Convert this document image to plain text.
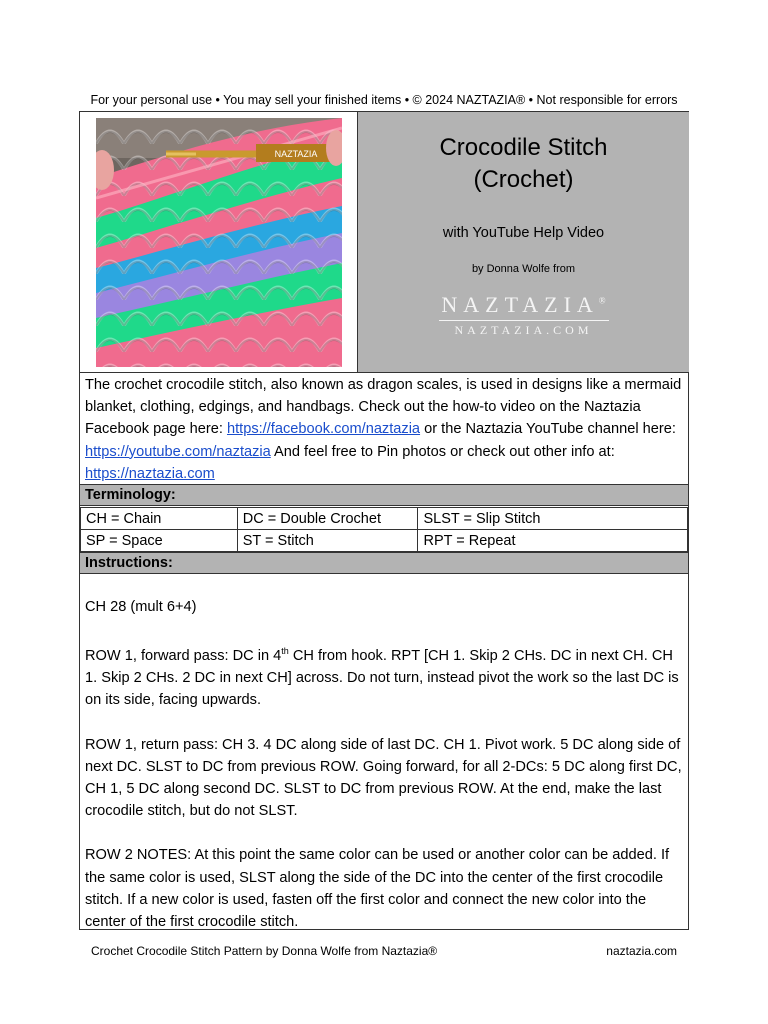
For your personal use • You may sell your finished items • © 2024 NAZTAZIA® • Not responsible for errors
NAZTAZIA	Crocodile Stitch
(Crochet)
with YouTube Help Video
by Donna Wolfe from
NAZTAZIA®
NAZTAZIA.COM
The crochet crocodile stitch, also known as dragon scales, is used in designs like a mermaid blanket, clothing, edgings, and handbags. Check out the how-to video on the Naztazia Facebook page here: https://facebook.com/naztazia or the Naztazia YouTube channel here: https://youtube.com/naztazia And feel free to Pin photos or check out other info at: https://naztazia.com
Terminology:
CH = Chain	DC = Double Crochet	SLST = Slip Stitch
SP = Space	ST = Stitch	RPT = Repeat
Instructions:

CH 28 (mult 6+4)

ROW 1, forward pass: DC in 4th CH from hook. RPT [CH 1. Skip 2 CHs. DC in next CH. CH 1. Skip 2 CHs. 2 DC in next CH] across. Do not turn, instead pivot the work so the last DC is on its side, facing upwards.

ROW 1, return pass: CH 3. 4 DC along side of last DC. CH 1. Pivot work. 5 DC along side of next DC. SLST to DC from previous ROW. Going forward, for all 2-DCs: 5 DC along first DC, CH 1, 5 DC along second DC. SLST to DC from previous ROW. At the end, make the last crocodile stitch, but do not SLST.

ROW 2 NOTES: At this point the same color can be used or another color can be added. If the same color is used, SLST along the side of the DC into the center of the first crocodile stitch. If a new color is used, fasten off the first color and connect the new color into the center of the first crocodile stitch.

Crochet Crocodile Stitch Pattern by Donna Wolfe from Naztazia®	naztazia.com
